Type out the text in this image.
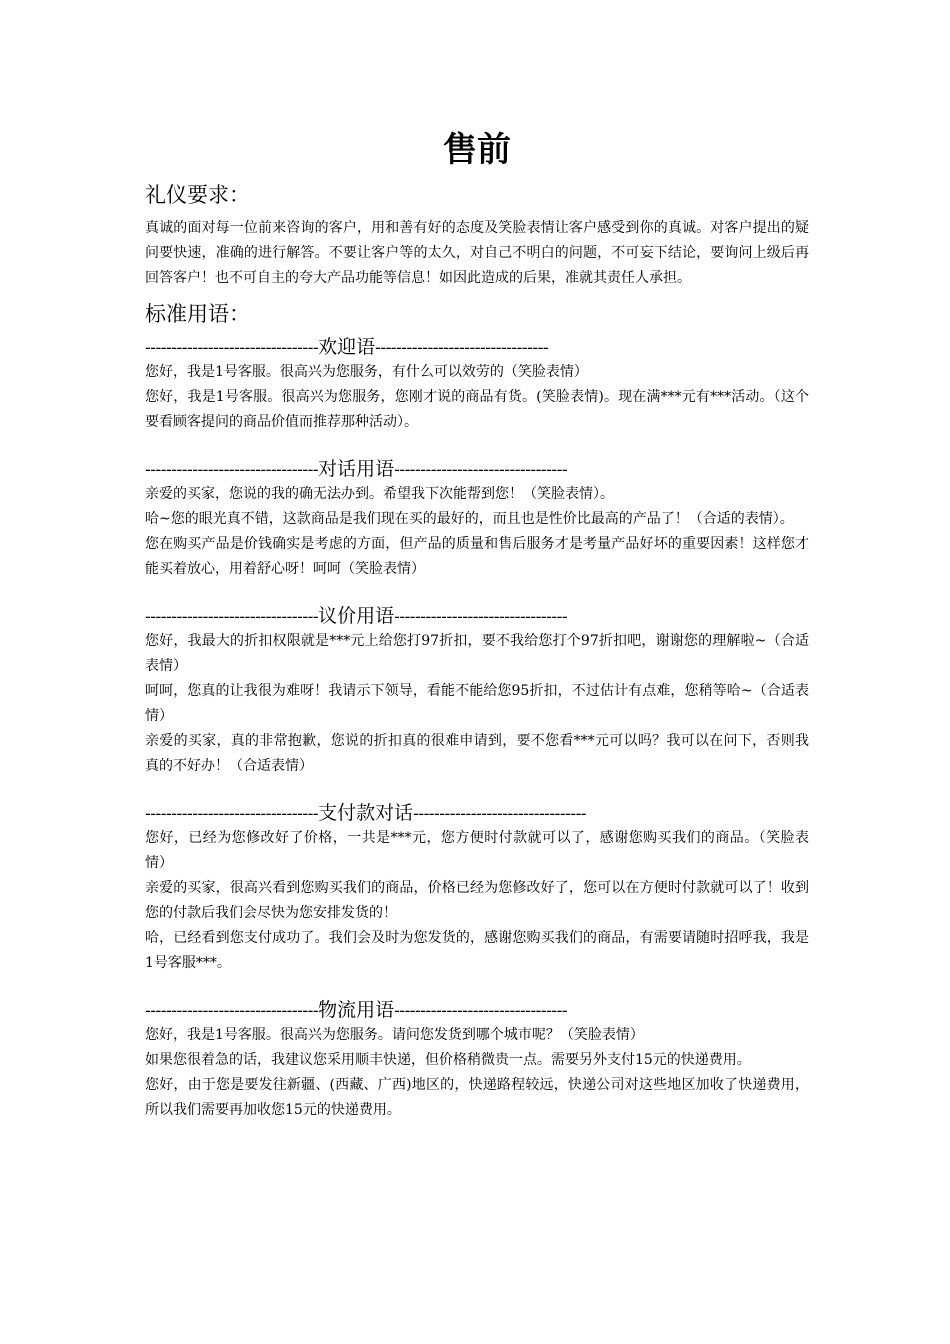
售前
礼仪要求：

真诚的面对每一位前来咨询的客户，用和善有好的态度及笑脸表情让客户感受到你的真诚。对客户提出的疑问要快速，准确的进行解答。不要让客户等的太久，对自己不明白的问题，不可妄下结论，要询问上级后再回答客户！也不可自主的夸大产品功能等信息！如因此造成的后果，准就其责任人承担。

标准用语：
---------------------------------欢迎语---------------------------------

您好，我是1号客服。很高兴为您服务，有什么可以效劳的（笑脸表情）

您好，我是1号客服。很高兴为您服务，您刚才说的商品有货。(笑脸表情)。现在满***元有***活动。（这个要看顾客提问的商品价值而推荐那种活动）。

---------------------------------对话用语---------------------------------

亲爱的买家，您说的我的确无法办到。希望我下次能帮到您！（笑脸表情）。

哈~您的眼光真不错，这款商品是我们现在买的最好的，而且也是性价比最高的产品了！（合适的表情）。

您在购买产品是价钱确实是考虑的方面，但产品的质量和售后服务才是考量产品好坏的重要因素！这样您才能买着放心，用着舒心呀！呵呵（笑脸表情）

---------------------------------议价用语---------------------------------

您好，我最大的折扣权限就是***元上给您打97折扣，要不我给您打个97折扣吧，谢谢您的理解啦~（合适表情）

呵呵，您真的让我很为难呀！我请示下领导，看能不能给您95折扣，不过估计有点难，您稍等哈~（合适表情）

亲爱的买家，真的非常抱歉，您说的折扣真的很难申请到，要不您看***元可以吗？我可以在问下，否则我真的不好办！（合适表情）

---------------------------------支付款对话---------------------------------

您好，已经为您修改好了价格，一共是***元，您方便时付款就可以了，感谢您购买我们的商品。（笑脸表情）

亲爱的买家，很高兴看到您购买我们的商品，价格已经为您修改好了，您可以在方便时付款就可以了！收到您的付款后我们会尽快为您安排发货的！

哈，已经看到您支付成功了。我们会及时为您发货的，感谢您购买我们的商品，有需要请随时招呼我，我是1号客服***。

---------------------------------物流用语---------------------------------

您好，我是1号客服。很高兴为您服务。请问您发货到哪个城市呢？（笑脸表情）

如果您很着急的话，我建议您采用顺丰快递，但价格稍微贵一点。需要另外支付15元的快递费用。

您好，由于您是要发往新疆、(西藏、广西)地区的，快递路程较远，快递公司对这些地区加收了快递费用，所以我们需要再加收您15元的快递费用。
